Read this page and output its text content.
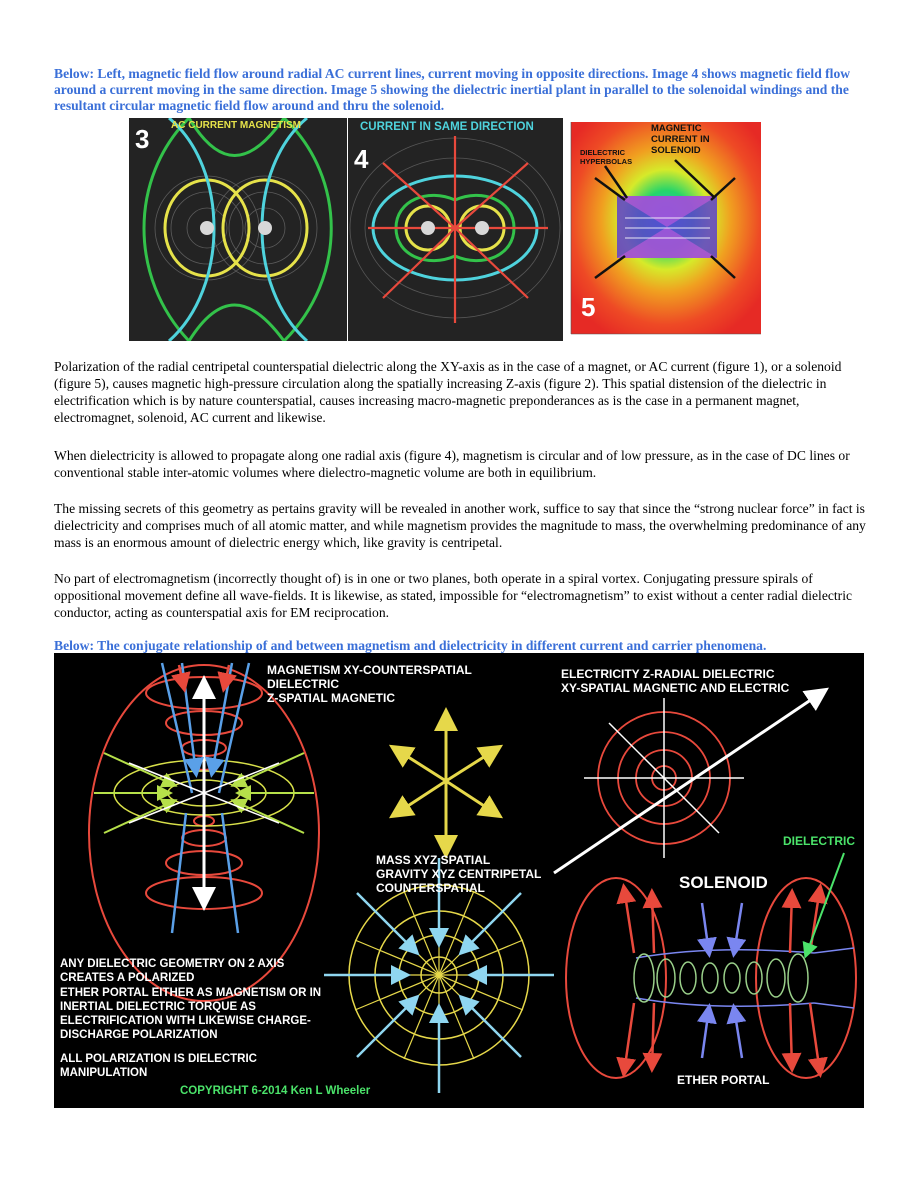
Below: Left, magnetic field flow around radial AC current lines, current moving in opposite directions. Image 4 shows magnetic field flow around a current moving in the same direction. Image 5 showing the dielectric inertial plant in parallel to the solenoidal windings and the resultant circular magnetic field flow around and thru the solenoid.
3 AC CURRENT MAGNETISM
4
CURRENT IN SAME DIRECTION	MAGNETIC
CURRENT IN
SOLENOID
DIELECTRIC
HYPERBOLAS
5
Polarization of the radial centripetal counterspatial dielectric along the XY-axis as in the case of a magnet, or AC current (figure 1), or a solenoid (figure 5), causes magnetic high-pressure circulation along the spatially increasing Z-axis (figure 2). This spatial distension of the dielectric in electrification which is by nature counterspatial, causes increasing macro-magnetic preponderances as is the case in a permanent magnet, electromagnet, solenoid, AC current and likewise.
When dielectricity is allowed to propagate along one radial axis (figure 4), magnetism is circular and of low pressure, as in the case of DC lines or conventional stable inter-atomic volumes where dielectro-magnetic volume are both in equilibrium.
The missing secrets of this geometry as pertains gravity will be revealed in another work, suffice to say that since the “strong nuclear force” in fact is dielectricity and comprises much of all atomic matter, and while magnetism provides the magnitude to mass, the overwhelming predominance of any mass is an enormous amount of dielectric energy which, like gravity is centripetal.
No part of electromagnetism (incorrectly thought of) is in one or two planes, both operate in a spiral vortex. Conjugating pressure spirals of oppositional movement define all wave-fields. It is likewise, as stated, impossible for “electromagnetism” to exist without a center radial dielectric conductor, acting as counterspatial axis for EM reciprocation.
Below: The conjugate relationship of and between magnetism and dielectricity in different current and carrier phenomena.
MAGNETISM XY-COUNTERSPATIAL
DIELECTRIC
Z-SPATIAL MAGNETIC
ELECTRICITY Z-RADIAL DIELECTRIC
XY-SPATIAL MAGNETIC AND ELECTRIC
MASS XYZ SPATIAL
GRAVITY XYZ CENTRIPETAL
COUNTERSPATIAL
DIELECTRIC
SOLENOID
ETHER PORTAL
ANY DIELECTRIC GEOMETRY ON 2 AXIS
CREATES A POLARIZED
ETHER PORTAL EITHER AS MAGNETISM OR IN
INERTIAL DIELECTRIC TORQUE AS
ELECTRIFICATION WITH LIKEWISE CHARGE-
DISCHARGE POLARIZATION
ALL POLARIZATION IS DIELECTRIC
MANIPULATION
COPYRIGHT 6-2014 Ken L Wheeler
